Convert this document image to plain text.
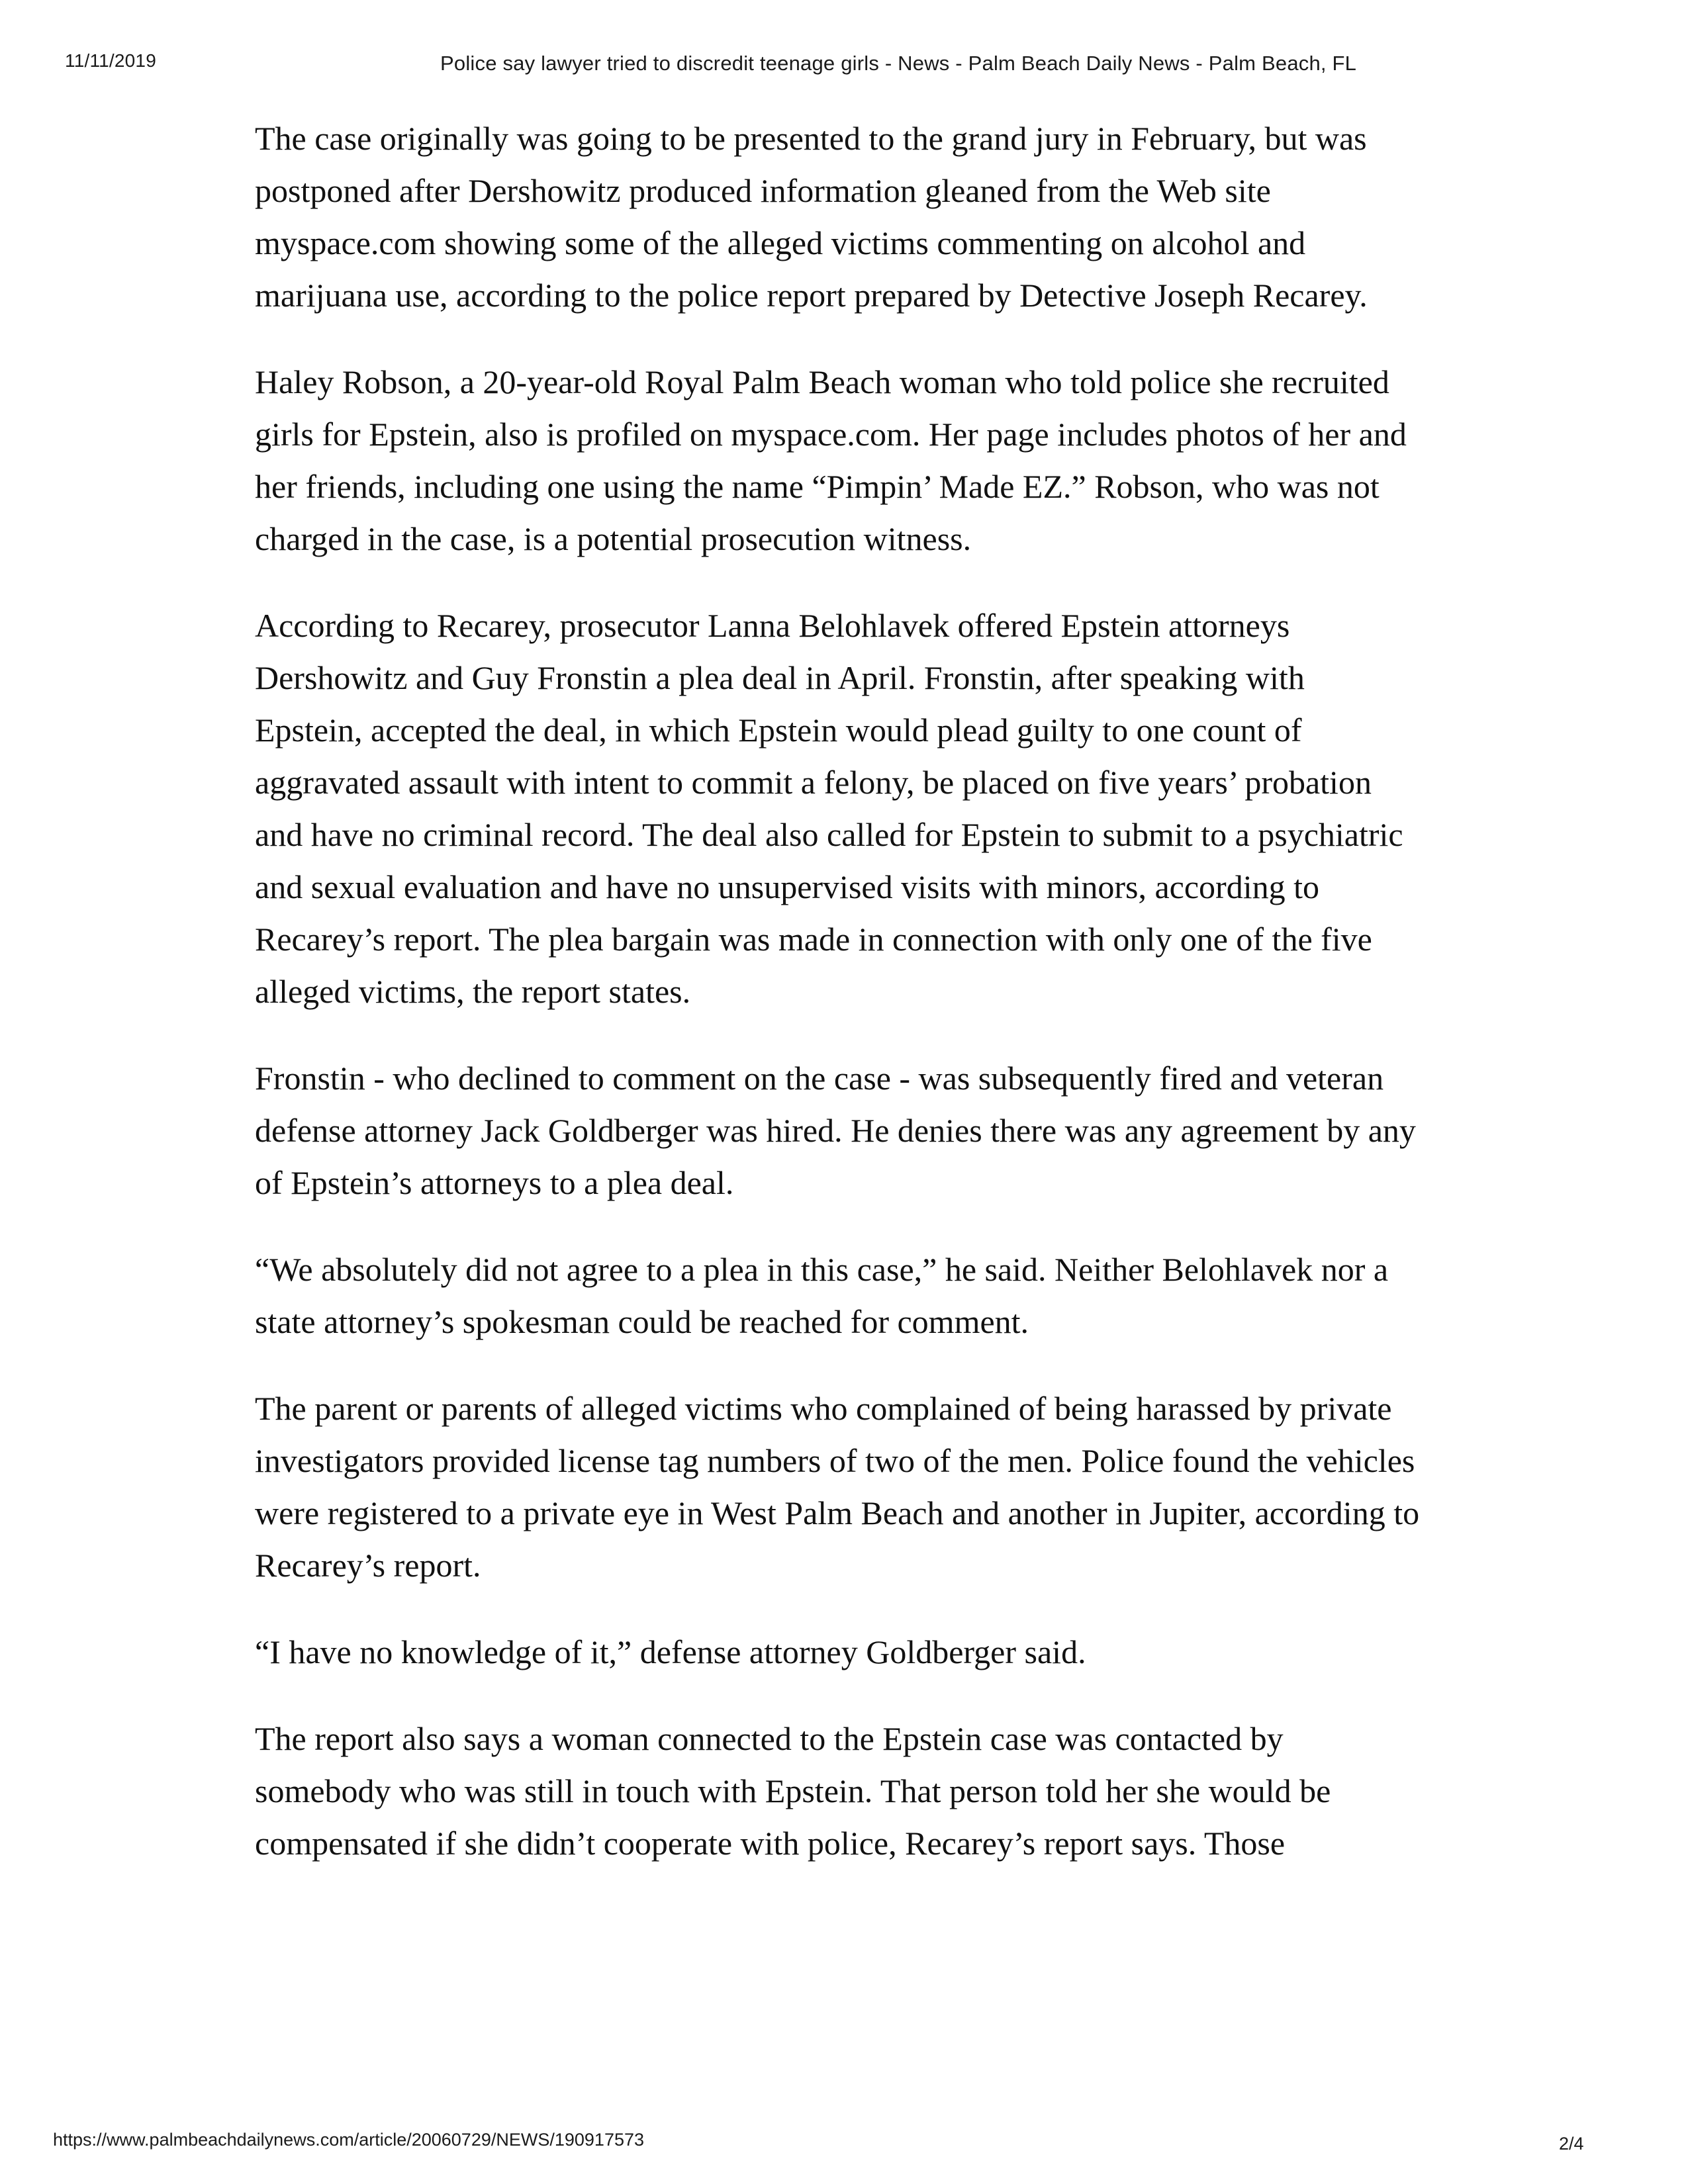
11/11/2019	Police say lawyer tried to discredit teenage girls - News - Palm Beach Daily News - Palm Beach, FL

The case originally was going to be presented to the grand jury in February, but was postponed after Dershowitz produced information gleaned from the Web site myspace.com showing some of the alleged victims commenting on alcohol and marijuana use, according to the police report prepared by Detective Joseph Recarey.

Haley Robson, a 20-year-old Royal Palm Beach woman who told police she recruited girls for Epstein, also is profiled on myspace.com. Her page includes photos of her and her friends, including one using the name “Pimpin’ Made EZ.” Robson, who was not charged in the case, is a potential prosecution witness.

According to Recarey, prosecutor Lanna Belohlavek offered Epstein attorneys Dershowitz and Guy Fronstin a plea deal in April. Fronstin, after speaking with Epstein, accepted the deal, in which Epstein would plead guilty to one count of aggravated assault with intent to commit a felony, be placed on five years’ probation and have no criminal record. The deal also called for Epstein to submit to a psychiatric and sexual evaluation and have no unsupervised visits with minors, according to Recarey’s report. The plea bargain was made in connection with only one of the five alleged victims, the report states.

Fronstin - who declined to comment on the case - was subsequently fired and veteran defense attorney Jack Goldberger was hired. He denies there was any agreement by any of Epstein’s attorneys to a plea deal.

“We absolutely did not agree to a plea in this case,” he said. Neither Belohlavek nor a state attorney’s spokesman could be reached for comment.

The parent or parents of alleged victims who complained of being harassed by private investigators provided license tag numbers of two of the men. Police found the vehicles were registered to a private eye in West Palm Beach and another in Jupiter, according to Recarey’s report.

“I have no knowledge of it,” defense attorney Goldberger said.

The report also says a woman connected to the Epstein case was contacted by somebody who was still in touch with Epstein. That person told her she would be compensated if she didn’t cooperate with police, Recarey’s report says. Those

https://www.palmbeachdailynews.com/article/20060729/NEWS/190917573	2/4
